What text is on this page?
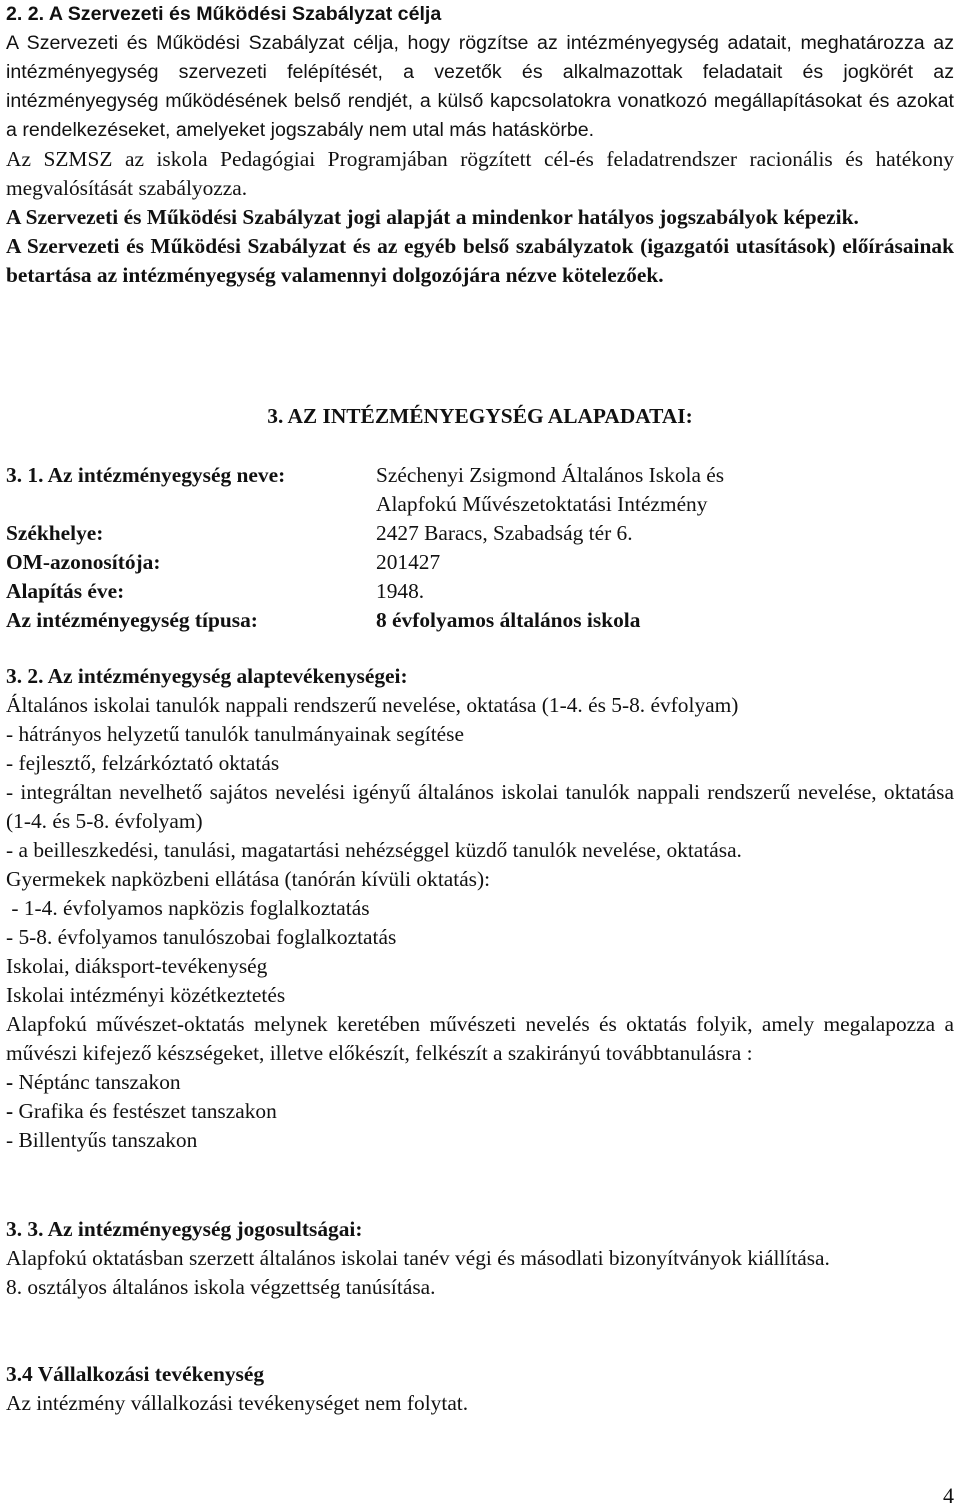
2. 2. A Szervezeti és Működési Szabályzat célja

A Szervezeti és Működési Szabályzat célja, hogy rögzítse az intézményegység adatait, meghatározza az intézményegység szervezeti felépítését, a vezetők és alkalmazottak feladatait és jogkörét az intézményegység működésének belső rendjét, a külső kapcsolatokra vonatkozó megállapításokat és azokat a rendelkezéseket, amelyeket jogszabály nem utal más hatáskörbe.

Az SZMSZ az iskola Pedagógiai Programjában rögzített cél-és feladatrendszer racionális és hatékony megvalósítását szabályozza.

A Szervezeti és Működési Szabályzat jogi alapját a mindenkor hatályos jogszabályok képezik.

A Szervezeti és Működési Szabályzat és az egyéb belső szabályzatok (igazgatói utasítások) előírásainak betartása az intézményegység valamennyi dolgozójára nézve kötelezőek.

3. AZ INTÉZMÉNYEGYSÉG ALAPADATAI:

3. 1. Az intézményegység neve:	Széchenyi Zsigmond Általános Iskola és
Alapfokú Művészetoktatási Intézmény
Székhelye:	2427 Baracs, Szabadság tér 6.
OM-azonosítója:	201427
Alapítás éve:	1948.
Az intézményegység típusa:	8 évfolyamos általános iskola

3. 2. Az intézményegység alaptevékenységei:

Általános iskolai tanulók nappali rendszerű nevelése, oktatása (1-4. és 5-8. évfolyam)

- hátrányos helyzetű tanulók tanulmányainak segítése

- fejlesztő, felzárkóztató oktatás

- integráltan nevelhető sajátos nevelési igényű általános iskolai tanulók nappali rendszerű nevelése, oktatása (1-4. és 5-8. évfolyam)

- a beilleszkedési, tanulási, magatartási nehézséggel küzdő tanulók nevelése, oktatása.

Gyermekek napközbeni ellátása (tanórán kívüli oktatás):

- 1-4. évfolyamos napközis foglalkoztatás

- 5-8. évfolyamos tanulószobai foglalkoztatás

Iskolai, diáksport-tevékenység

Iskolai intézményi közétkeztetés

Alapfokú művészet-oktatás melynek keretében művészeti nevelés és oktatás folyik, amely megalapozza a művészi kifejező készségeket, illetve előkészít, felkészít a szakirányú továbbtanulásra :

- Néptánc tanszakon

- Grafika és festészet tanszakon

- Billentyűs tanszakon

3. 3. Az intézményegység jogosultságai:

Alapfokú oktatásban szerzett általános iskolai tanév végi és másodlati bizonyítványok kiállítása.

8. osztályos általános iskola végzettség tanúsítása.

3.4 Vállalkozási tevékenység

Az intézmény vállalkozási tevékenységet nem folytat.

4
